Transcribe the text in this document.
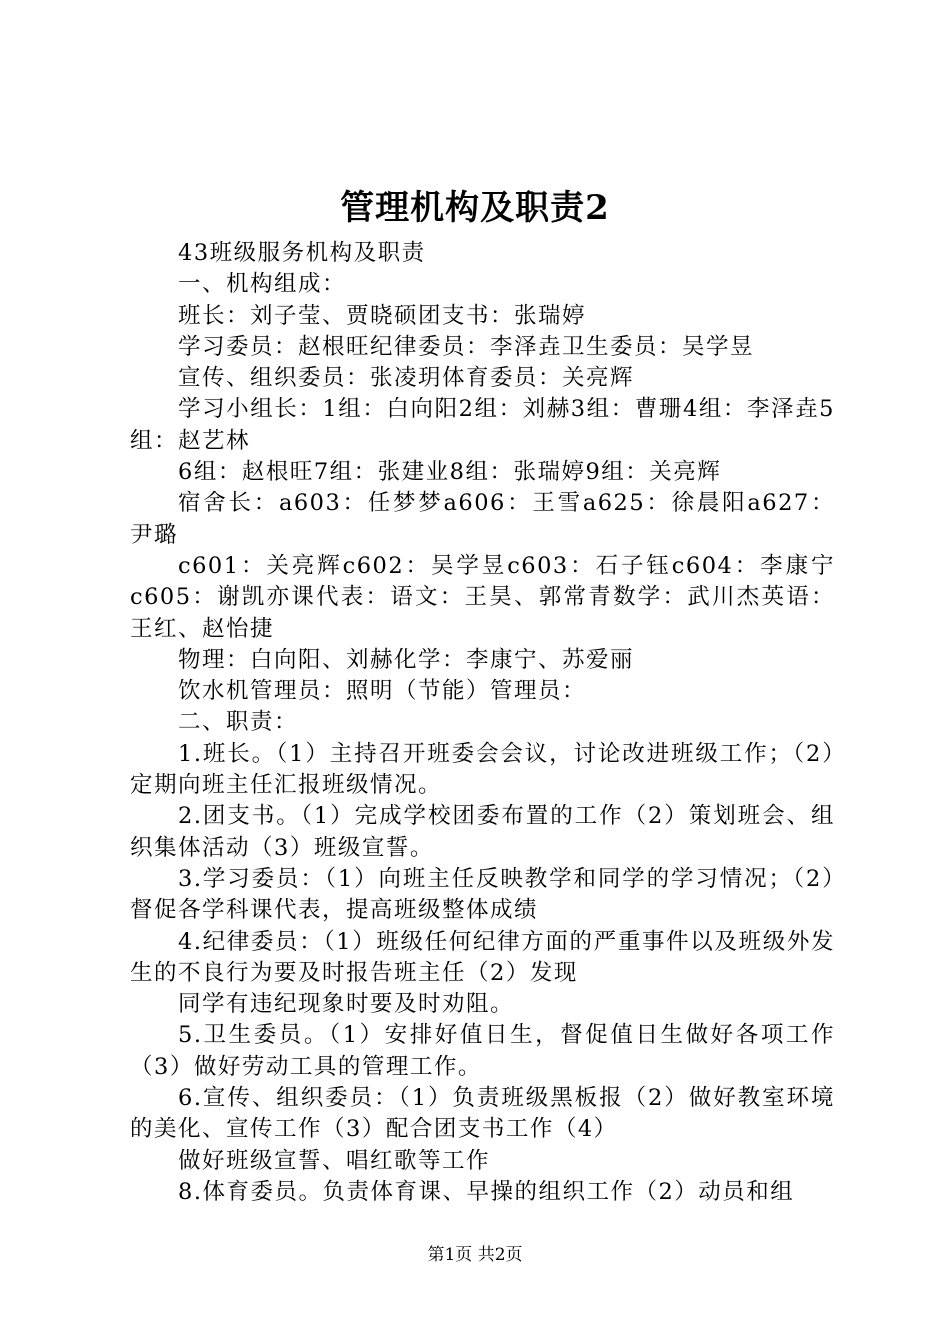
管理机构及职责2

43班级服务机构及职责

一、机构组成：

班长：刘子莹、贾晓硕团支书：张瑞婷

学习委员：赵根旺纪律委员：李泽垚卫生委员：吴学昱

宣传、组织委员：张凌玥体育委员：关亮辉

学习小组长：1组：白向阳2组：刘赫3组：曹珊4组：李泽垚5组：赵艺林

6组：赵根旺7组：张建业8组：张瑞婷9组：关亮辉

宿舍长：a603：任梦梦a606：王雪a625：徐晨阳a627：尹璐

c601：关亮辉c602：吴学昱c603：石子钰c604：李康宁c605：谢凯亦课代表：语文：王昊、郭常青数学：武川杰英语：王红、赵怡捷

物理：白向阳、刘赫化学：李康宁、苏爱丽

饮水机管理员：照明（节能）管理员：

二、职责：

1.班长。（1）主持召开班委会会议，讨论改进班级工作；（2）定期向班主任汇报班级情况。

2.团支书。（1）完成学校团委布置的工作（2）策划班会、组织集体活动（3）班级宣誓。

3.学习委员：（1）向班主任反映教学和同学的学习情况；（2）督促各学科课代表，提高班级整体成绩

4.纪律委员：（1）班级任何纪律方面的严重事件以及班级外发生的不良行为要及时报告班主任（2）发现

同学有违纪现象时要及时劝阻。

5.卫生委员。（1）安排好值日生，督促值日生做好各项工作（3）做好劳动工具的管理工作。

6.宣传、组织委员：（1）负责班级黑板报（2）做好教室环境的美化、宣传工作（3）配合团支书工作（4）

做好班级宣誓、唱红歌等工作

8.体育委员。负责体育课、早操的组织工作（2）动员和组

第1页 共2页
